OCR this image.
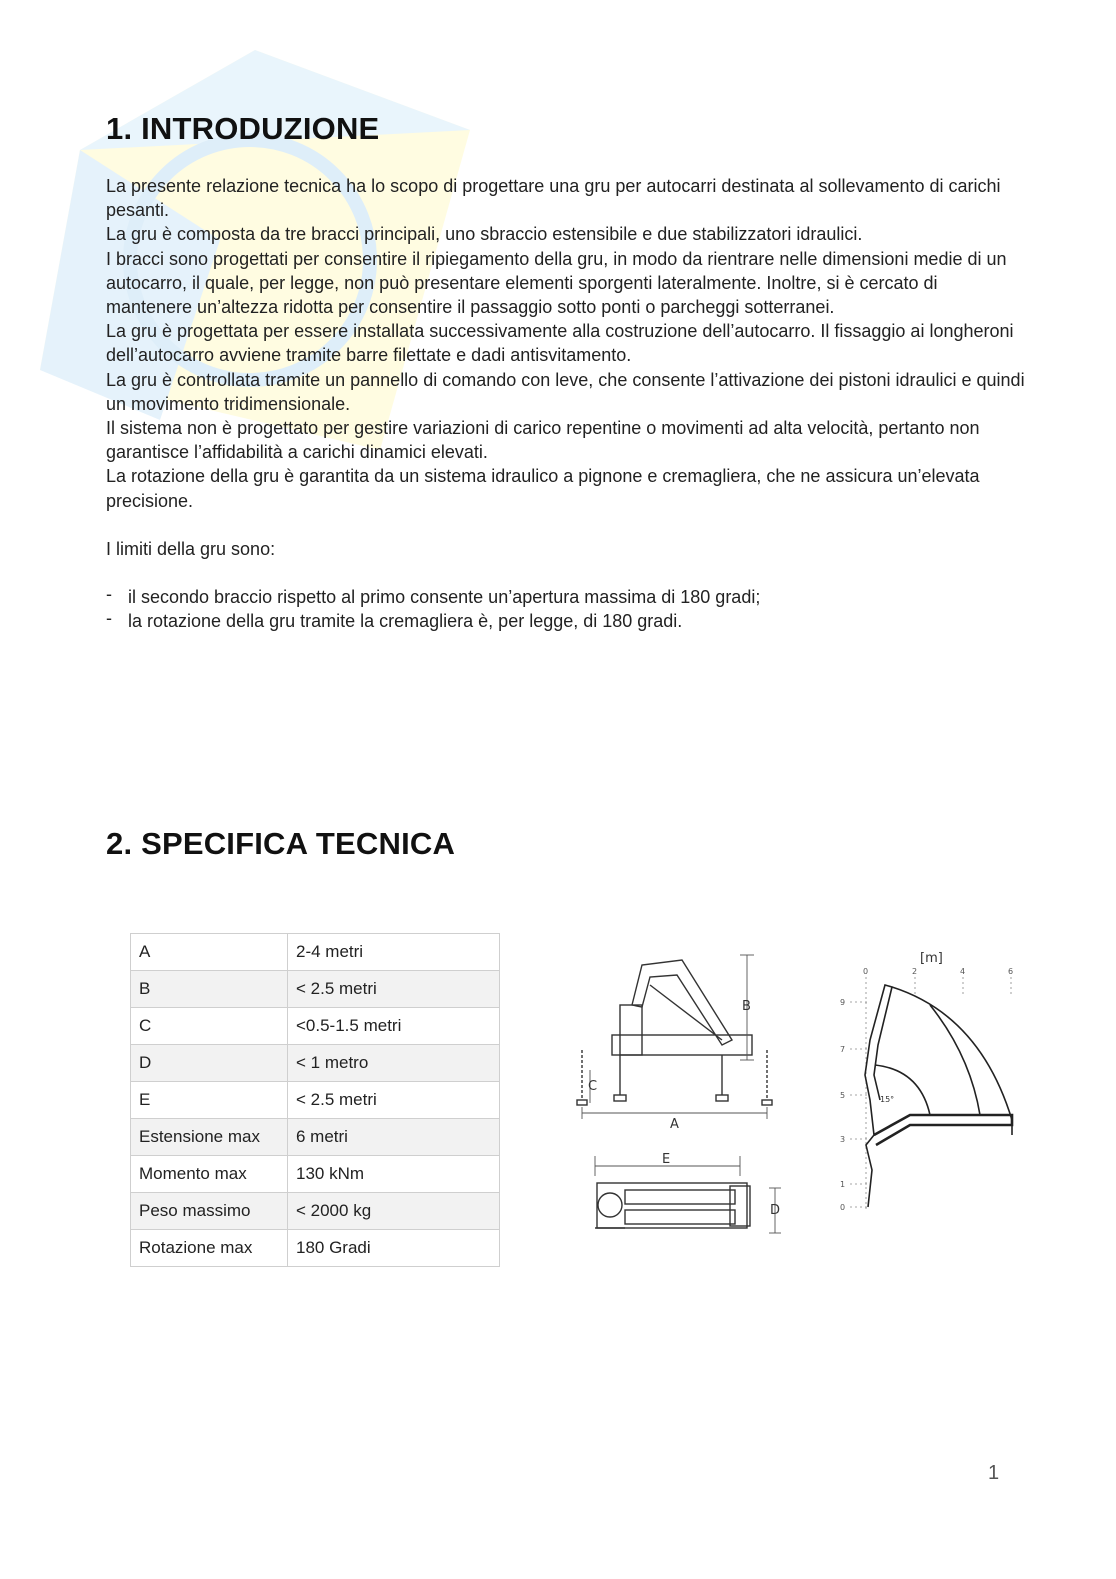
1. INTRODUZIONE

La presente relazione tecnica ha lo scopo di progettare una gru per autocarri destinata al sollevamento di carichi pesanti.

La gru è composta da tre bracci principali, uno sbraccio estensibile e due stabilizzatori idraulici.

I bracci sono progettati per consentire il ripiegamento della gru, in modo da rientrare nelle dimensioni medie di un autocarro, il quale, per legge, non può presentare elementi sporgenti lateralmente. Inoltre, si è cercato di mantenere un’altezza ridotta per consentire il passaggio sotto ponti o parcheggi sotterranei.

La gru è progettata per essere installata successivamente alla costruzione dell’autocarro. Il fissaggio ai longheroni dell’autocarro avviene tramite barre filettate e dadi antisvitamento.

La gru è controllata tramite un pannello di comando con leve, che consente l’attivazione dei pistoni idraulici e quindi un movimento tridimensionale.

Il sistema non è progettato per gestire variazioni di carico repentine o movimenti ad alta velocità, pertanto non garantisce l’affidabilità a carichi dinamici elevati.

La rotazione della gru è garantita da un sistema idraulico a pignone e cremagliera, che ne assicura un’elevata precisione.

I limiti della gru sono:

- il secondo braccio rispetto al primo consente un’apertura massima di 180 gradi;
- la rotazione della gru tramite la cremagliera è, per legge, di 180 gradi.
2. SPECIFICA TECNICA
A	2-4 metri
B	< 2.5 metri
C	<0.5-1.5 metri
D	< 1 metro
E	< 2.5 metri
Estensione max	6 metri
Momento max	130 kNm
Peso massimo	< 2000 kg
Rotazione max	180 Gradi
B
C
A
E
D
[m]
0	2	4	6
9
7
5
3
1
0
15°
1
